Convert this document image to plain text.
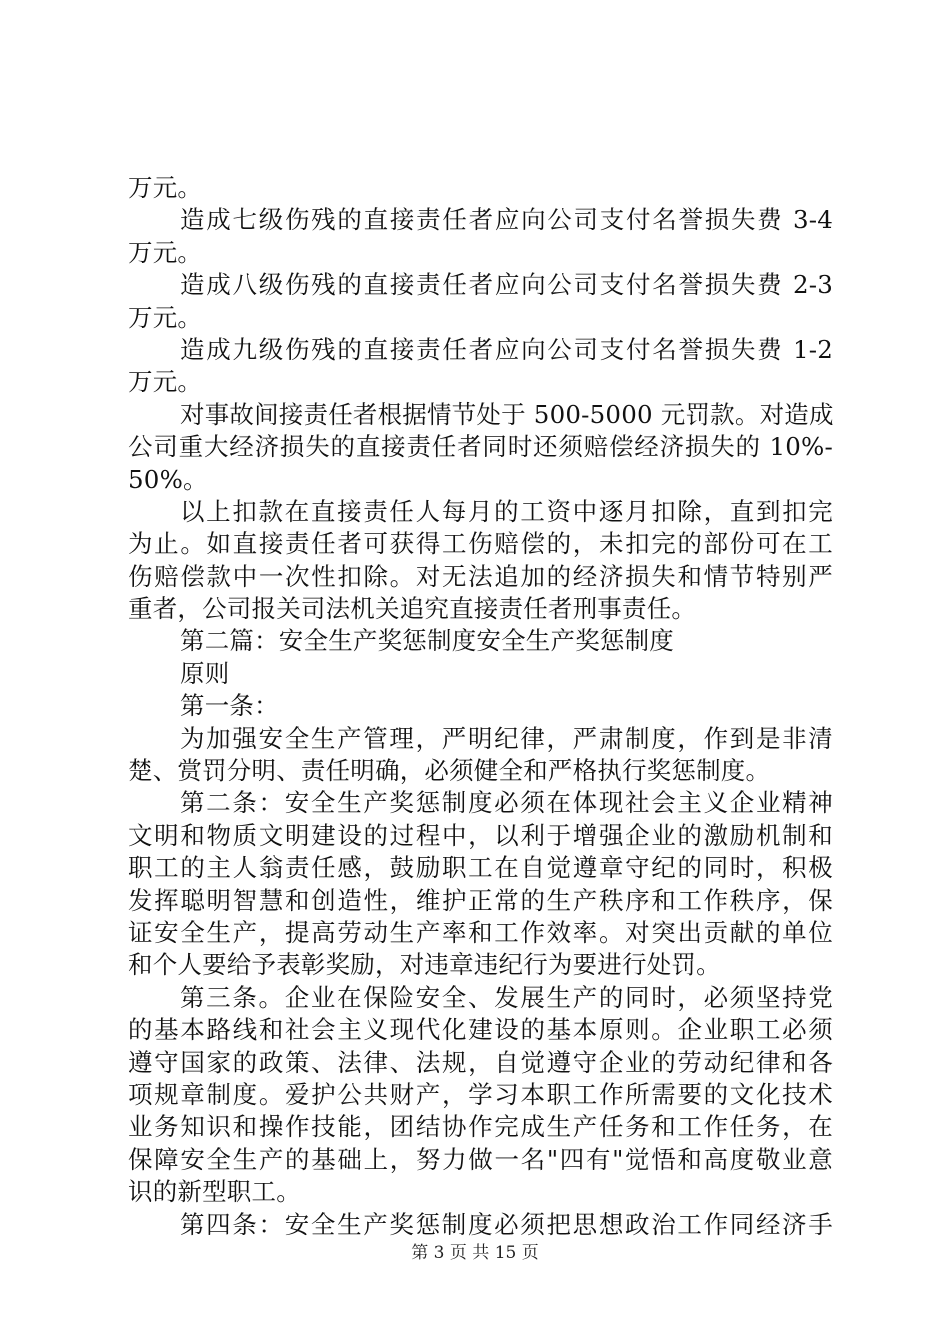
万元。
造成七级伤残的直接责任者应向公司支付名誉损失费 3-4
万元。
造成八级伤残的直接责任者应向公司支付名誉损失费 2-3
万元。
造成九级伤残的直接责任者应向公司支付名誉损失费 1-2
万元。
对事故间接责任者根据情节处于 500-5000 元罚款。对造成
公司重大经济损失的直接责任者同时还须赔偿经济损失的 10%-
50%。
以上扣款在直接责任人每月的工资中逐月扣除，直到扣完
为止。如直接责任者可获得工伤赔偿的，未扣完的部份可在工
伤赔偿款中一次性扣除。对无法追加的经济损失和情节特别严
重者，公司报关司法机关追究直接责任者刑事责任。
第二篇：安全生产奖惩制度安全生产奖惩制度
原则
第一条：
为加强安全生产管理，严明纪律，严肃制度，作到是非清
楚、赏罚分明、责任明确，必须健全和严格执行奖惩制度。
第二条：安全生产奖惩制度必须在体现社会主义企业精神
文明和物质文明建设的过程中，以利于增强企业的激励机制和
职工的主人翁责任感，鼓励职工在自觉遵章守纪的同时，积极
发挥聪明智慧和创造性，维护正常的生产秩序和工作秩序，保
证安全生产，提高劳动生产率和工作效率。对突出贡献的单位
和个人要给予表彰奖励，对违章违纪行为要进行处罚。
第三条。企业在保险安全、发展生产的同时，必须坚持党
的基本路线和社会主义现代化建设的基本原则。企业职工必须
遵守国家的政策、法律、法规，自觉遵守企业的劳动纪律和各
项规章制度。爱护公共财产，学习本职工作所需要的文化技术
业务知识和操作技能，团结协作完成生产任务和工作任务，在
保障安全生产的基础上，努力做一名"四有"觉悟和高度敬业意
识的新型职工。
第四条：安全生产奖惩制度必须把思想政治工作同经济手
第 3 页 共 15 页
